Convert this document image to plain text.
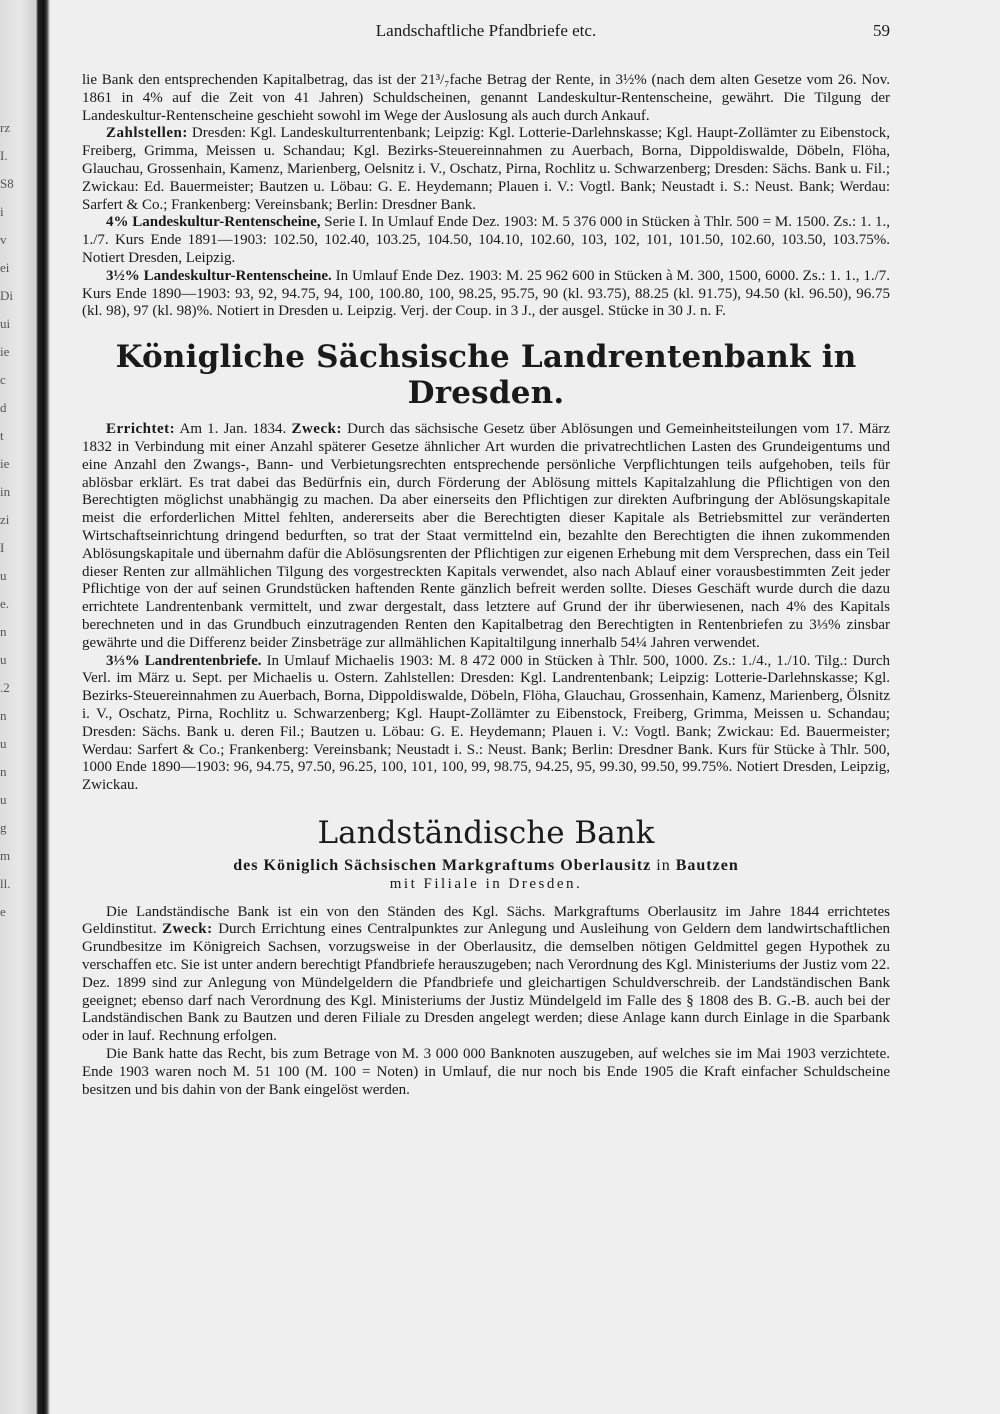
rz
I.
S8
i
v
ei
Di
ui
ie
c
d
t
ie
in
zi
I
u
e.
n
u
.2
n
u
n
u
g
m
ll.
e
Landschaftliche Pfandbriefe etc.	59

lie Bank den entsprechenden Kapitalbetrag, das ist der 21³/₇fache Betrag der Rente, in 3½% (nach dem alten Gesetze vom 26. Nov. 1861 in 4% auf die Zeit von 41 Jahren) Schuldscheinen, genannt Landeskultur-Rentenscheine, gewährt. Die Tilgung der Landeskultur-Rentenscheine geschieht sowohl im Wege der Auslosung als auch durch Ankauf.

Zahlstellen: Dresden: Kgl. Landeskulturrentenbank; Leipzig: Kgl. Lotterie-Darlehnskasse; Kgl. Haupt-Zollämter zu Eibenstock, Freiberg, Grimma, Meissen u. Schandau; Kgl. Bezirks-Steuereinnahmen zu Auerbach, Borna, Dippoldiswalde, Döbeln, Flöha, Glauchau, Grossenhain, Kamenz, Marienberg, Oelsnitz i. V., Oschatz, Pirna, Rochlitz u. Schwarzenberg; Dresden: Sächs. Bank u. Fil.; Zwickau: Ed. Bauermeister; Bautzen u. Löbau: G. E. Heydemann; Plauen i. V.: Vogtl. Bank; Neustadt i. S.: Neust. Bank; Werdau: Sarfert & Co.; Frankenberg: Vereinsbank; Berlin: Dresdner Bank.

4% Landeskultur-Rentenscheine, Serie I. In Umlauf Ende Dez. 1903: M. 5 376 000 in Stücken à Thlr. 500 = M. 1500. Zs.: 1. 1., 1./7. Kurs Ende 1891—1903: 102.50, 102.40, 103.25, 104.50, 104.10, 102.60, 103, 102, 101, 101.50, 102.60, 103.50, 103.75%. Notiert Dresden, Leipzig.

3½% Landeskultur-Rentenscheine. In Umlauf Ende Dez. 1903: M. 25 962 600 in Stücken à M. 300, 1500, 6000. Zs.: 1. 1., 1./7. Kurs Ende 1890—1903: 93, 92, 94.75, 94, 100, 100.80, 100, 98.25, 95.75, 90 (kl. 93.75), 88.25 (kl. 91.75), 94.50 (kl. 96.50), 96.75 (kl. 98), 97 (kl. 98)%. Notiert in Dresden u. Leipzig. Verj. der Coup. in 3 J., der ausgel. Stücke in 30 J. n. F.

Königliche Sächsische Landrentenbank in Dresden.

Errichtet: Am 1. Jan. 1834. Zweck: Durch das sächsische Gesetz über Ablösungen und Gemeinheitsteilungen vom 17. März 1832 in Verbindung mit einer Anzahl späterer Gesetze ähnlicher Art wurden die privatrechtlichen Lasten des Grundeigentums und eine Anzahl den Zwangs-, Bann- und Verbietungsrechten entsprechende persönliche Verpflichtungen teils aufgehoben, teils für ablösbar erklärt. Es trat dabei das Bedürfnis ein, durch Förderung der Ablösung mittels Kapitalzahlung die Pflichtigen von den Berechtigten möglichst unabhängig zu machen. Da aber einerseits den Pflichtigen zur direkten Aufbringung der Ablösungskapitale meist die erforderlichen Mittel fehlten, andererseits aber die Berechtigten dieser Kapitale als Betriebsmittel zur veränderten Wirtschaftseinrichtung dringend bedurften, so trat der Staat vermittelnd ein, bezahlte den Berechtigten die ihnen zukommenden Ablösungskapitale und übernahm dafür die Ablösungsrenten der Pflichtigen zur eigenen Erhebung mit dem Versprechen, dass ein Teil dieser Renten zur allmählichen Tilgung des vorgestreckten Kapitals verwendet, also nach Ablauf einer vorausbestimmten Zeit jeder Pflichtige von der auf seinen Grundstücken haftenden Rente gänzlich befreit werden sollte. Dieses Geschäft wurde durch die dazu errichtete Landrentenbank vermittelt, und zwar dergestalt, dass letztere auf Grund der ihr überwiesenen, nach 4% des Kapitals berechneten und in das Grundbuch einzutragenden Renten den Kapitalbetrag den Berechtigten in Rentenbriefen zu 3⅓% zinsbar gewährte und die Differenz beider Zinsbeträge zur allmählichen Kapitaltilgung innerhalb 54¼ Jahren verwendet.

3⅓% Landrentenbriefe. In Umlauf Michaelis 1903: M. 8 472 000 in Stücken à Thlr. 500, 1000. Zs.: 1./4., 1./10. Tilg.: Durch Verl. im März u. Sept. per Michaelis u. Ostern. Zahlstellen: Dresden: Kgl. Landrentenbank; Leipzig: Lotterie-Darlehnskasse; Kgl. Bezirks-Steuereinnahmen zu Auerbach, Borna, Dippoldiswalde, Döbeln, Flöha, Glauchau, Grossenhain, Kamenz, Marienberg, Ölsnitz i. V., Oschatz, Pirna, Rochlitz u. Schwarzenberg; Kgl. Haupt-Zollämter zu Eibenstock, Freiberg, Grimma, Meissen u. Schandau; Dresden: Sächs. Bank u. deren Fil.; Bautzen u. Löbau: G. E. Heydemann; Plauen i. V.: Vogtl. Bank; Zwickau: Ed. Bauermeister; Werdau: Sarfert & Co.; Frankenberg: Vereinsbank; Neustadt i. S.: Neust. Bank; Berlin: Dresdner Bank. Kurs für Stücke à Thlr. 500, 1000 Ende 1890—1903: 96, 94.75, 97.50, 96.25, 100, 101, 100, 99, 98.75, 94.25, 95, 99.30, 99.50, 99.75%. Notiert Dresden, Leipzig, Zwickau.

Landständische Bank
des Königlich Sächsischen Markgraftums Oberlausitz in Bautzen
mit Filiale in Dresden.

Die Landständische Bank ist ein von den Ständen des Kgl. Sächs. Markgraftums Oberlausitz im Jahre 1844 errichtetes Geldinstitut. Zweck: Durch Errichtung eines Centralpunktes zur Anlegung und Ausleihung von Geldern dem landwirtschaftlichen Grundbesitze im Königreich Sachsen, vorzugsweise in der Oberlausitz, die demselben nötigen Geldmittel gegen Hypothek zu verschaffen etc. Sie ist unter andern berechtigt Pfandbriefe herauszugeben; nach Verordnung des Kgl. Ministeriums der Justiz vom 22. Dez. 1899 sind zur Anlegung von Mündelgeldern die Pfandbriefe und gleichartigen Schuldverschreib. der Landständischen Bank geeignet; ebenso darf nach Verordnung des Kgl. Ministeriums der Justiz Mündelgeld im Falle des § 1808 des B. G.-B. auch bei der Landständischen Bank zu Bautzen und deren Filiale zu Dresden angelegt werden; diese Anlage kann durch Einlage in die Sparbank oder in lauf. Rechnung erfolgen.

Die Bank hatte das Recht, bis zum Betrage von M. 3 000 000 Banknoten auszugeben, auf welches sie im Mai 1903 verzichtete. Ende 1903 waren noch M. 51 100 (M. 100 = Noten) in Umlauf, die nur noch bis Ende 1905 die Kraft einfacher Schuldscheine besitzen und bis dahin von der Bank eingelöst werden.
